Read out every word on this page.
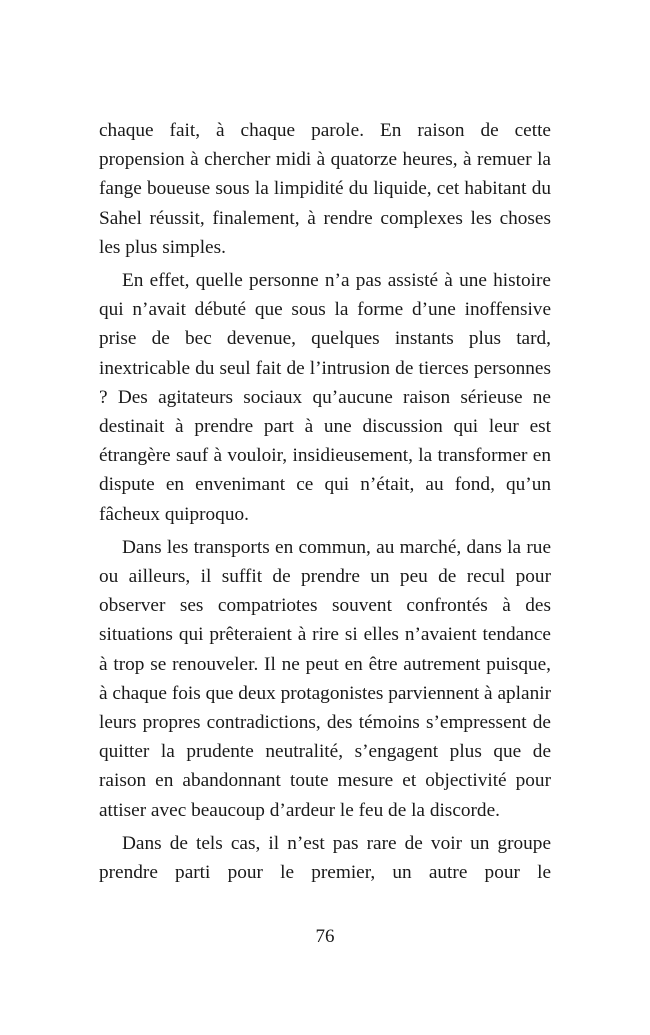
chaque fait, à chaque parole. En raison de cette propension à chercher midi à quatorze heures, à remuer la fange boueuse sous la limpidité du liquide, cet habitant du Sahel réussit, finalement, à rendre complexes les choses les plus simples.

En effet, quelle personne n’a pas assisté à une histoire qui n’avait débuté que sous la forme d’une inoffensive prise de bec devenue, quelques instants plus tard, inextricable du seul fait de l’intrusion de tierces personnes ? Des agitateurs sociaux qu’aucune raison sérieuse ne destinait à prendre part à une discussion qui leur est étrangère sauf à vouloir, insidieusement, la transformer en dispute en envenimant ce qui n’était, au fond, qu’un fâcheux quiproquo.

Dans les transports en commun, au marché, dans la rue ou ailleurs, il suffit de prendre un peu de recul pour observer ses compatriotes souvent confrontés à des situations qui prêteraient à rire si elles n’avaient tendance à trop se renouveler. Il ne peut en être autrement puisque, à chaque fois que deux protagonistes parviennent à aplanir leurs propres contradictions, des témoins s’empressent de quitter la prudente neutralité, s’engagent plus que de raison en abandonnant toute mesure et objectivité pour attiser avec beaucoup d’ardeur le feu de la discorde.

Dans de tels cas, il n’est pas rare de voir un groupe prendre parti pour le premier, un autre pour le

76
